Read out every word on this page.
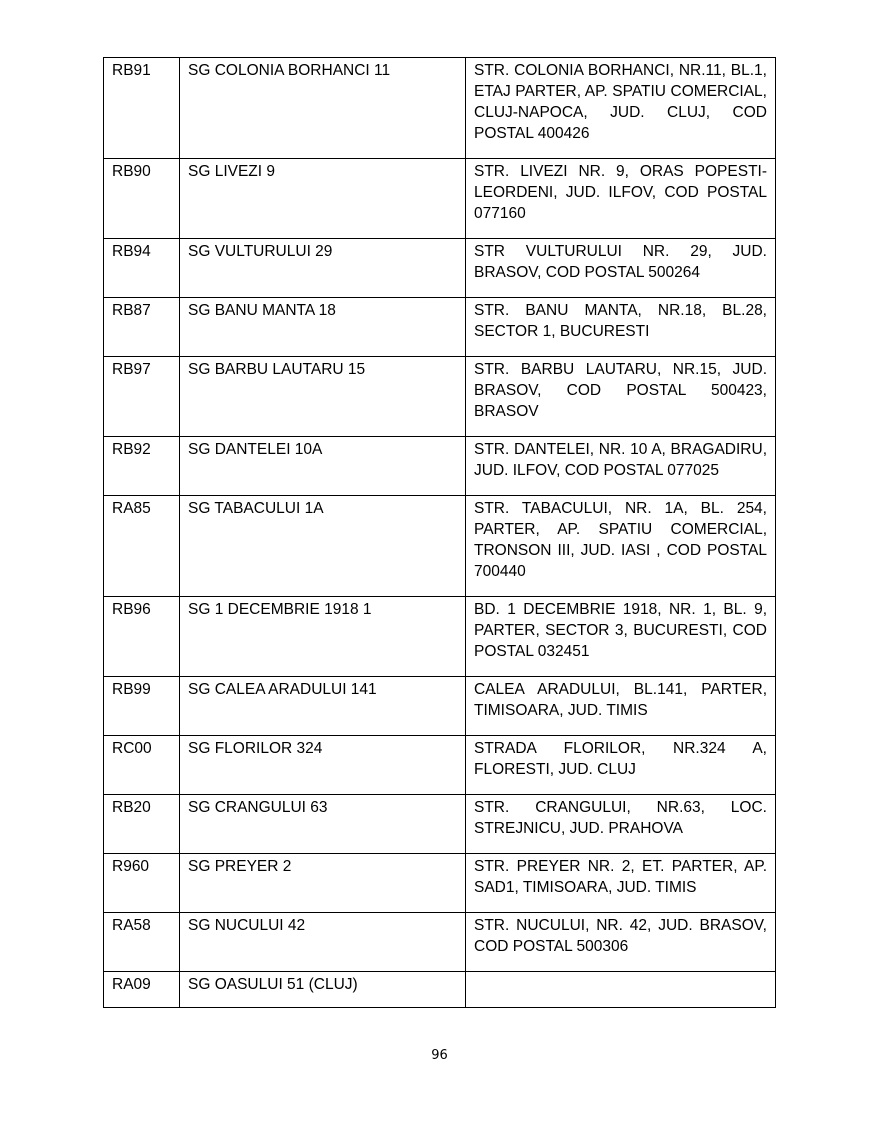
RB91	SG COLONIA BORHANCI 11	STR. COLONIA BORHANCI, NR.11, BL.1, ETAJ PARTER, AP. SPATIU COMERCIAL, CLUJ-NAPOCA, JUD. CLUJ, COD POSTAL 400426
RB90	SG LIVEZI 9	STR. LIVEZI NR. 9, ORAS POPESTI-LEORDENI, JUD. ILFOV, COD POSTAL 077160
RB94	SG VULTURULUI 29	STR VULTURULUI NR. 29, JUD. BRASOV, COD POSTAL 500264
RB87	SG BANU MANTA 18	STR. BANU MANTA, NR.18, BL.28, SECTOR 1, BUCURESTI
RB97	SG BARBU LAUTARU 15	STR. BARBU LAUTARU, NR.15, JUD. BRASOV, COD POSTAL 500423, BRASOV
RB92	SG DANTELEI 10A	STR. DANTELEI, NR. 10 A, BRAGADIRU, JUD. ILFOV, COD POSTAL 077025
RA85	SG TABACULUI 1A	STR. TABACULUI, NR. 1A, BL. 254, PARTER, AP. SPATIU COMERCIAL, TRONSON III, JUD. IASI , COD POSTAL 700440
RB96	SG 1 DECEMBRIE 1918 1	BD. 1 DECEMBRIE 1918, NR. 1, BL. 9, PARTER, SECTOR 3, BUCURESTI, COD POSTAL 032451
RB99	SG CALEA ARADULUI 141	CALEA ARADULUI, BL.141, PARTER, TIMISOARA, JUD. TIMIS
RC00	SG FLORILOR 324	STRADA FLORILOR, NR.324 A, FLORESTI, JUD. CLUJ
RB20	SG CRANGULUI 63	STR. CRANGULUI, NR.63, LOC. STREJNICU, JUD. PRAHOVA
R960	SG PREYER 2	STR. PREYER NR. 2, ET. PARTER, AP. SAD1, TIMISOARA, JUD. TIMIS
RA58	SG NUCULUI 42	STR. NUCULUI, NR. 42, JUD. BRASOV, COD POSTAL 500306
RA09	SG OASULUI 51 (CLUJ)	
96
